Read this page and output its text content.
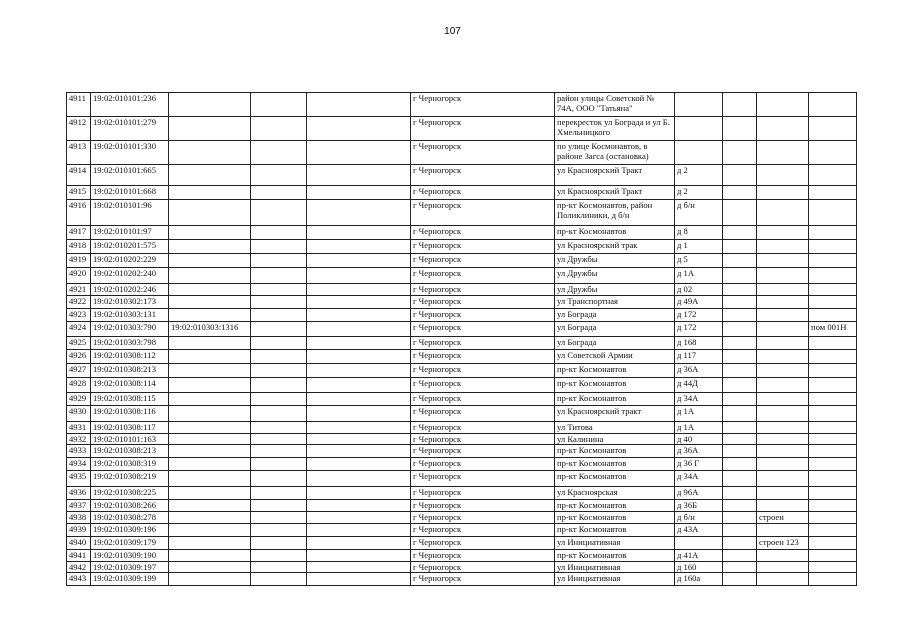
107
4911	19:02:010101:236				г Черногорск	район улицы Советской № 74А, ООО "Татьяна"				
4912	19:02:010101:279				г Черногорск	перекресток ул Бограда и ул Б. Хмельницкого				
4913	19:02:010101:330				г Черногорск	по улице Космонавтов, в районе Загса (остановка)				
4914	19:02:010101:665				г Черногорск	ул Красноярский Тракт	д 2			
4915	19:02:010101:668				г Черногорск	ул Красноярский Тракт	д 2			
4916	19:02:010101:96				г Черногорск	пр-кт Космонавтов, район Поликлиники, д б/н	д б/н			
4917	19:02:010101:97				г Черногорск	пр-кт Космонавтов	д 8			
4918	19:02:010201:575				г Черногорск	ул Красноярский трак	д 1			
4919	19:02:010202:229				г Черногорск	ул Дружбы	д 5			
4920	19:02:010202:240				г Черногорск	ул Дружбы	д 1А			
4921	19:02:010202:246				г Черногорск	ул Дружбы	д 02			
4922	19:02:010302:173				г Черногорск	ул Транспортная	д 49А			
4923	19:02:010303:131				г Черногорск	ул Бограда	д 172			
4924	19:02:010303:790	19:02:010303:1316			г Черногорск	ул Бограда	д 172			пом 001Н
4925	19:02:010303:798				г Черногорск	ул Бограда	д 168			
4926	19:02:010308:112				г Черногорск	ул Советской Армии	д 117			
4927	19:02:010308:213				г Черногорск	пр-кт Космонавтов	д 36А			
4928	19:02:010308:114				г Черногорск	пр-кт Космонавтов	д 44Д			
4929	19:02:010308:115				г Черногорск	пр-кт Космонавтов	д 34А			
4930	19:02:010308:116				г Черногорск	ул Красноярский тракт	д 1А			
4931	19:02:010308:117				г Черногорск	ул Титова	д 1А			
4932	19:02:010101:163				г Черногорск	ул Калинина	д 40			
4933	19:02:010308:213				г Черногорск	пр-кт Космонавтов	д 36А			
4934	19:02:010308:319				г Черногорск	пр-кт Космонавтов	д 36 Г			
4935	19:02:010308:219				г Черногорск	пр-кт Космонавтов	д 34А			
4936	19:02:010308:225				г Черногорск	ул Красноярская	д 96А			
4937	19:02:010308:266				г Черногорск	пр-кт Космонавтов	д 36Б			
4938	19:02:010308:278				г Черногорск	пр-кт Космонавтов	д б/н		строен	
4939	19:02:010309:196				г Черногорск	пр-кт Космонавтов	д 43А			
4940	19:02:010309:179				г Черногорск	ул Инициативная			строен 123	
4941	19:02:010309:190				г Черногорск	пр-кт Космонавтов	д 41А			
4942	19:02:010309:197				г Черногорск	ул Инициативная	д 160			
4943	19:02:010309:199				г Черногорск	ул Инициативная	д 160а			
